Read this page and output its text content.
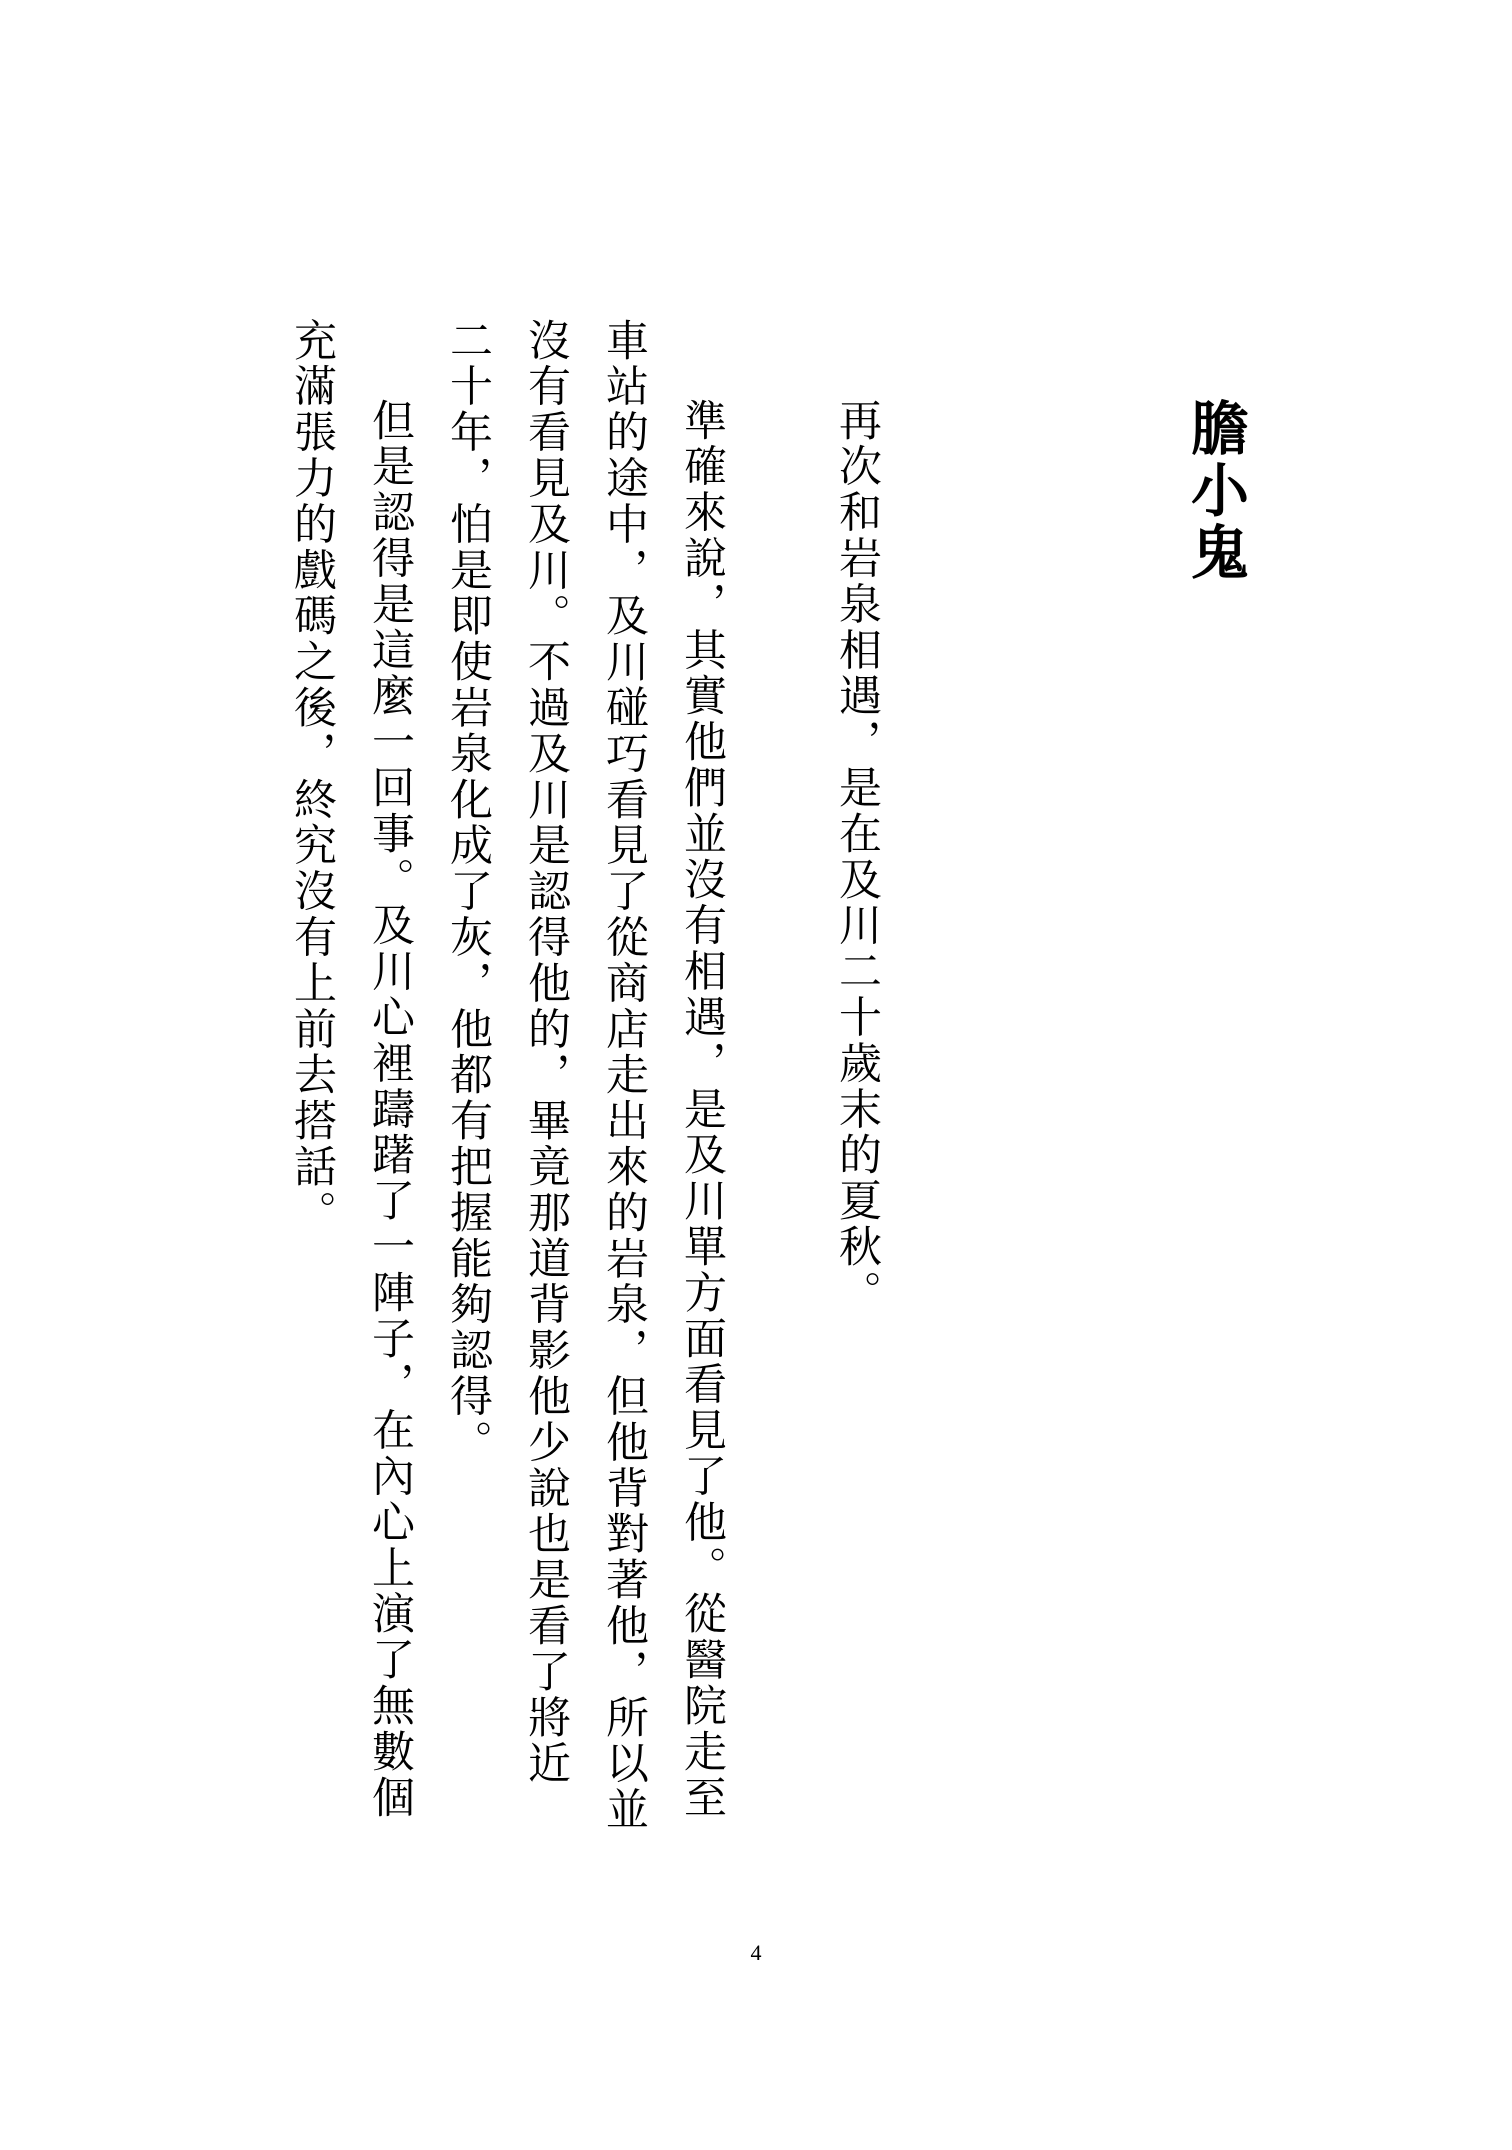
膽小鬼
再次和岩泉相遇，是在及川二十歲末的夏秋。
準確來說，其實他們並沒有相遇，是及川單方面看見了他。從醫院走至
車站的途中，及川碰巧看見了從商店走出來的岩泉，但他背對著他，所以並
沒有看見及川。不過及川是認得他的，畢竟那道背影他少說也是看了將近
二十年，怕是即使岩泉化成了灰，他都有把握能夠認得。
但是認得是這麼一回事。及川心裡躊躇了一陣子，在內心上演了無數個
充滿張力的戲碼之後，終究沒有上前去搭話。
4
